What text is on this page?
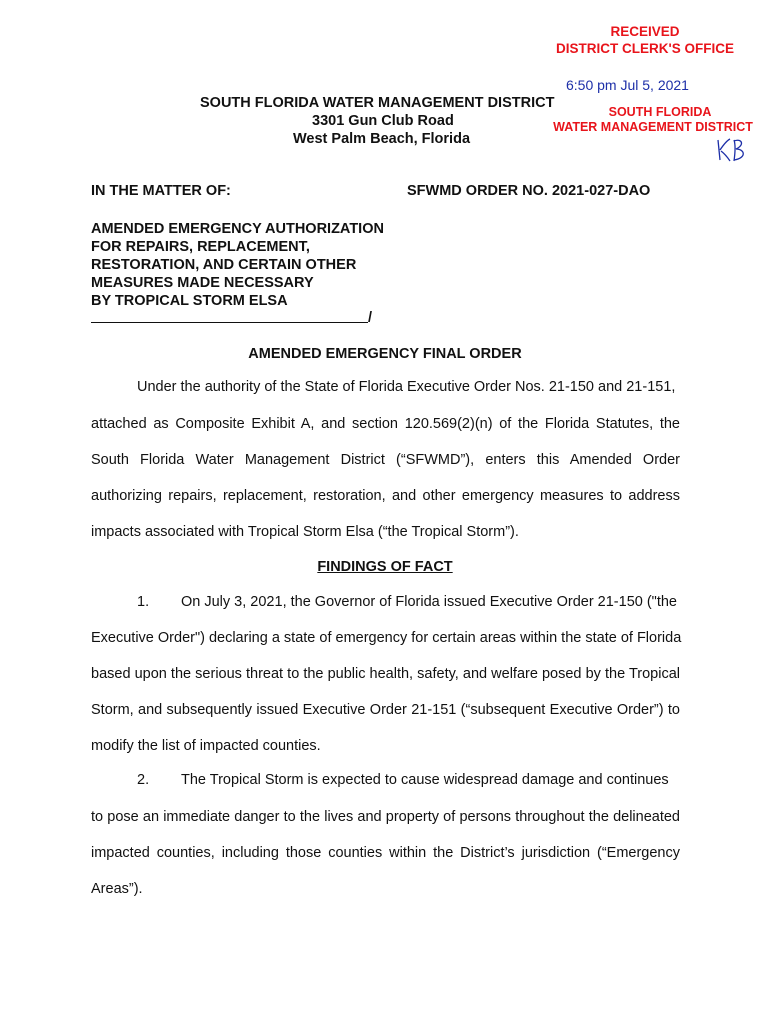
RECEIVED
DISTRICT CLERK'S OFFICE
6:50 pm Jul 5, 2021
SOUTH FLORIDA
WATER MANAGEMENT DISTRICT
SOUTH FLORIDA WATER MANAGEMENT DISTRICT
3301 Gun Club Road
West Palm Beach, Florida
IN THE MATTER OF:	SFWMD ORDER NO. 2021-027-DAO
AMENDED EMERGENCY AUTHORIZATION
FOR REPAIRS, REPLACEMENT,
RESTORATION, AND CERTAIN OTHER
MEASURES MADE NECESSARY
BY TROPICAL STORM ELSA
/
AMENDED EMERGENCY FINAL ORDER
Under the authority of the State of Florida Executive Order Nos. 21-150 and 21-151,
attached as Composite Exhibit A, and section 120.569(2)(n) of the Florida Statutes, the
South Florida Water Management District (“SFWMD”), enters this Amended Order
authorizing repairs, replacement, restoration, and other emergency measures to address
impacts associated with Tropical Storm Elsa (“the Tropical Storm”).
FINDINGS OF FACT
1. On July 3, 2021, the Governor of Florida issued Executive Order 21-150 ("the
Executive Order") declaring a state of emergency for certain areas within the state of Florida
based upon the serious threat to the public health, safety, and welfare posed by the Tropical
Storm, and subsequently issued Executive Order 21-151 (“subsequent Executive Order”) to
modify the list of impacted counties.
2. The Tropical Storm is expected to cause widespread damage and continues
to pose an immediate danger to the lives and property of persons throughout the delineated
impacted counties, including those counties within the District’s jurisdiction (“Emergency
Areas”).
